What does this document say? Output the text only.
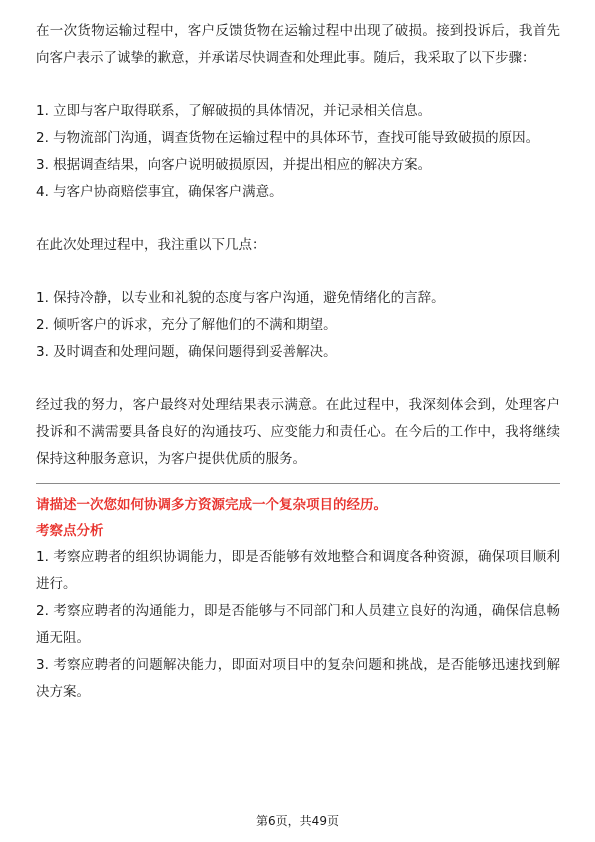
在一次货物运输过程中，客户反馈货物在运输过程中出现了破损。接到投诉后，我首先向客户表示了诚挚的歉意，并承诺尽快调查和处理此事。随后，我采取了以下步骤：

1. 立即与客户取得联系，了解破损的具体情况，并记录相关信息。

2. 与物流部门沟通，调查货物在运输过程中的具体环节，查找可能导致破损的原因。

3. 根据调查结果，向客户说明破损原因，并提出相应的解决方案。

4. 与客户协商赔偿事宜，确保客户满意。

在此次处理过程中，我注重以下几点：

1. 保持冷静，以专业和礼貌的态度与客户沟通，避免情绪化的言辞。

2. 倾听客户的诉求，充分了解他们的不满和期望。

3. 及时调查和处理问题，确保问题得到妥善解决。

经过我的努力，客户最终对处理结果表示满意。在此过程中，我深刻体会到，处理客户投诉和不满需要具备良好的沟通技巧、应变能力和责任心。在今后的工作中，我将继续保持这种服务意识，为客户提供优质的服务。

请描述一次您如何协调多方资源完成一个复杂项目的经历。

考察点分析

1. 考察应聘者的组织协调能力，即是否能够有效地整合和调度各种资源，确保项目顺利进行。

2. 考察应聘者的沟通能力，即是否能够与不同部门和人员建立良好的沟通，确保信息畅通无阻。

3. 考察应聘者的问题解决能力，即面对项目中的复杂问题和挑战，是否能够迅速找到解决方案。

第6页，共49页
